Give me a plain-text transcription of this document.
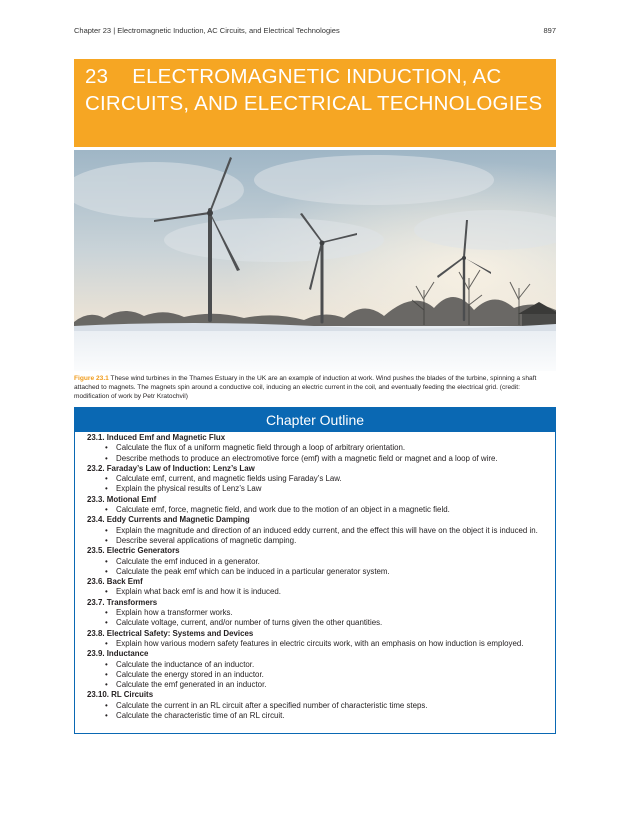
Chapter 23 | Electromagnetic Induction, AC Circuits, and Electrical Technologies	897
23 ELECTROMAGNETIC INDUCTION, AC CIRCUITS, AND ELECTRICAL TECHNOLOGIES

Figure 23.1 These wind turbines in the Thames Estuary in the UK are an example of induction at work. Wind pushes the blades of the turbine, spinning a shaft attached to magnets. The magnets spin around a conductive coil, inducing an electric current in the coil, and eventually feeding the electrical grid. (credit: modification of work by Petr Kratochvil)

Chapter Outline
23.1. Induced Emf and Magnetic Flux
• Calculate the flux of a uniform magnetic field through a loop of arbitrary orientation.
• Describe methods to produce an electromotive force (emf) with a magnetic field or magnet and a loop of wire.
23.2. Faraday’s Law of Induction: Lenz’s Law
• Calculate emf, current, and magnetic fields using Faraday’s Law.
• Explain the physical results of Lenz’s Law
23.3. Motional Emf
• Calculate emf, force, magnetic field, and work due to the motion of an object in a magnetic field.
23.4. Eddy Currents and Magnetic Damping
• Explain the magnitude and direction of an induced eddy current, and the effect this will have on the object it is induced in.
• Describe several applications of magnetic damping.
23.5. Electric Generators
• Calculate the emf induced in a generator.
• Calculate the peak emf which can be induced in a particular generator system.
23.6. Back Emf
• Explain what back emf is and how it is induced.
23.7. Transformers
• Explain how a transformer works.
• Calculate voltage, current, and/or number of turns given the other quantities.
23.8. Electrical Safety: Systems and Devices
• Explain how various modern safety features in electric circuits work, with an emphasis on how induction is employed.
23.9. Inductance
• Calculate the inductance of an inductor.
• Calculate the energy stored in an inductor.
• Calculate the emf generated in an inductor.
23.10. RL Circuits
• Calculate the current in an RL circuit after a specified number of characteristic time steps.
• Calculate the characteristic time of an RL circuit.
